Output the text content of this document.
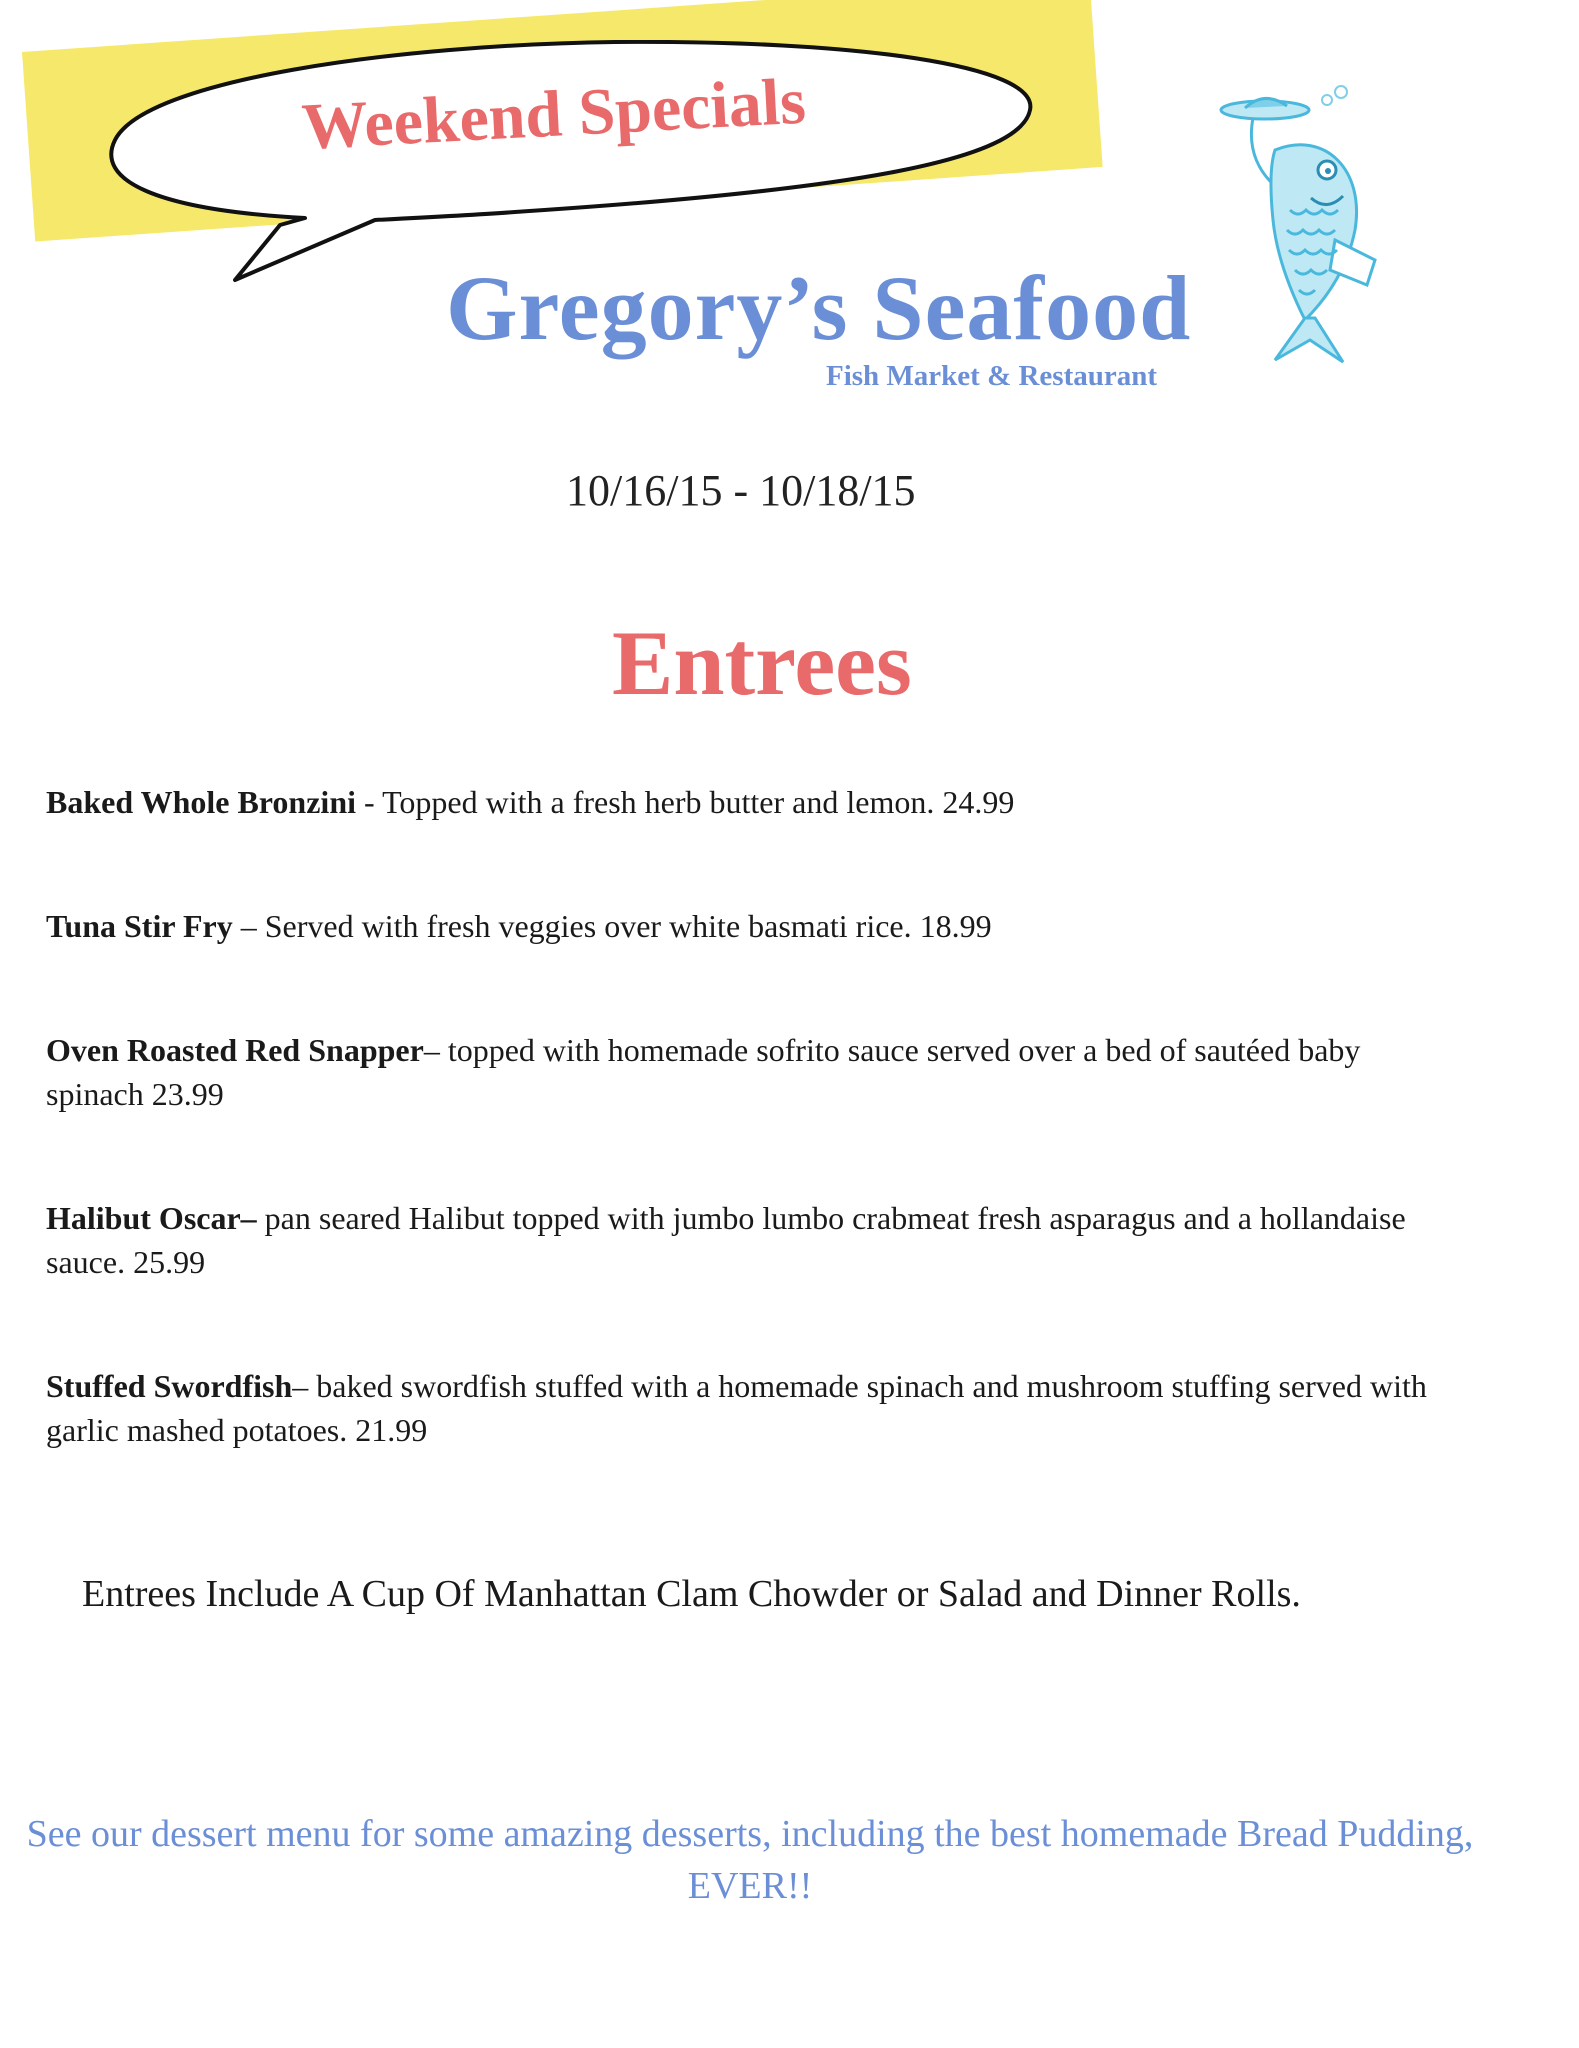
Weekend Specials
Gregory’s Seafood
Fish Market & Restaurant
10/16/15 - 10/18/15
Entrees
Baked Whole Bronzini - Topped with a fresh herb butter and lemon. 24.99
Tuna Stir Fry – Served with fresh veggies over white basmati rice. 18.99
Oven Roasted Red Snapper– topped with homemade sofrito sauce served over a bed of sautéed baby spinach 23.99
Halibut Oscar– pan seared Halibut topped with jumbo lumbo crabmeat fresh asparagus and a hollandaise sauce. 25.99
Stuffed Swordfish– baked swordfish stuffed with a homemade spinach and mushroom stuffing served with garlic mashed potatoes. 21.99
Entrees Include A Cup Of Manhattan Clam Chowder or Salad and Dinner Rolls.
See our dessert menu for some amazing desserts, including the best homemade Bread Pudding, EVER!!
